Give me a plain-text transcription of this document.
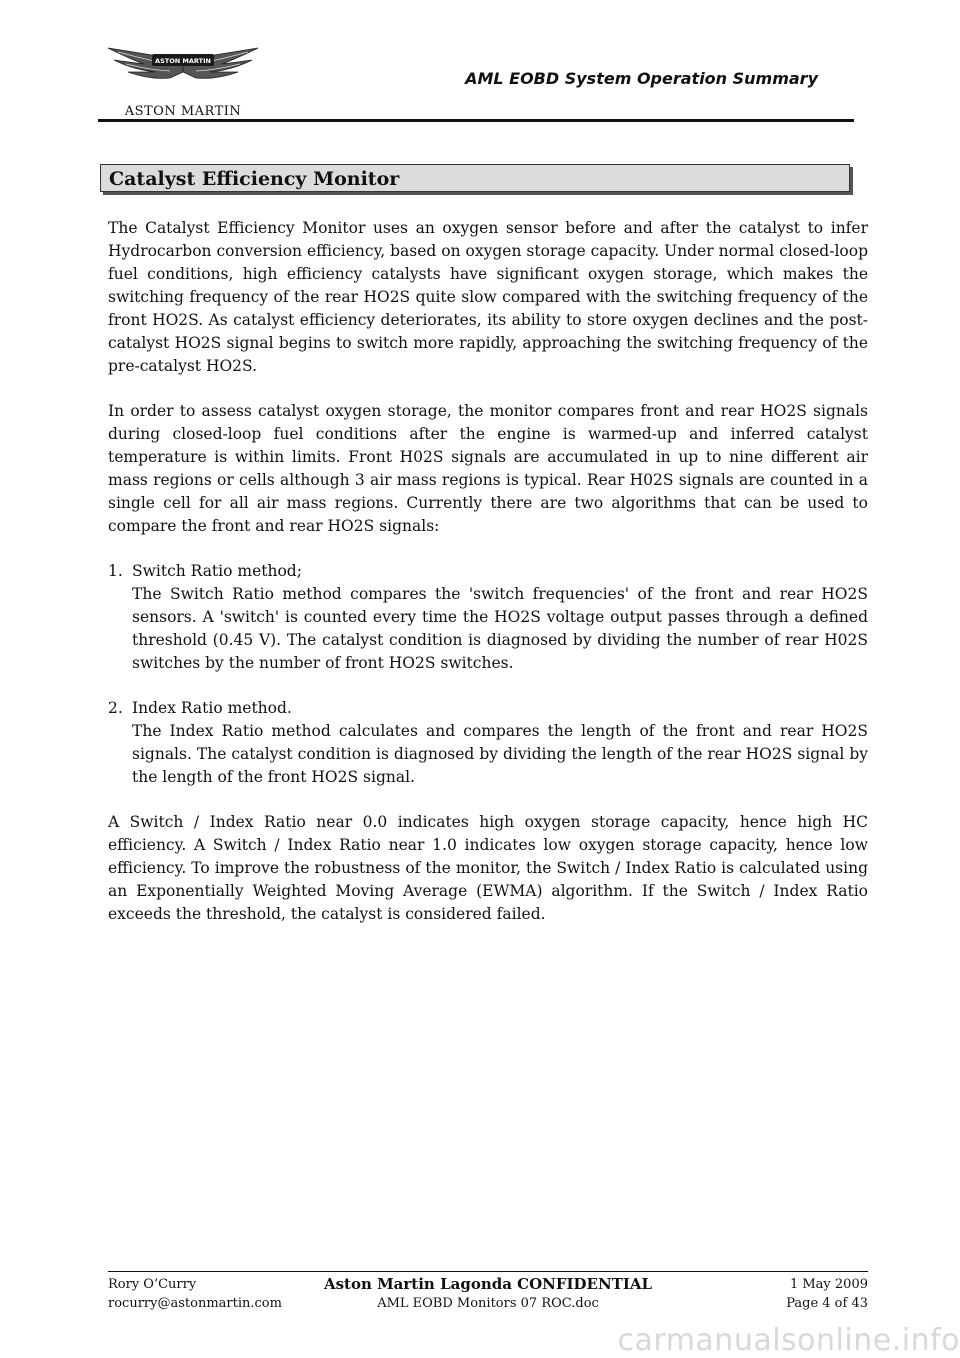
ASTON MARTIN
ASTON MARTIN
AML EOBD System Operation Summary
Catalyst Efficiency Monitor

The Catalyst Efficiency Monitor uses an oxygen sensor before and after the catalyst to infer Hydrocarbon conversion efficiency, based on oxygen storage capacity. Under normal closed-loop fuel conditions, high efficiency catalysts have significant oxygen storage, which makes the switching frequency of the rear HO2S quite slow compared with the switching frequency of the front HO2S. As catalyst efficiency deteriorates, its ability to store oxygen declines and the post-catalyst HO2S signal begins to switch more rapidly, approaching the switching frequency of the pre-catalyst HO2S.

In order to assess catalyst oxygen storage, the monitor compares front and rear HO2S signals during closed-loop fuel conditions after the engine is warmed-up and inferred catalyst temperature is within limits. Front H02S signals are accumulated in up to nine different air mass regions or cells although 3 air mass regions is typical. Rear H02S signals are counted in a single cell for all air mass regions. Currently there are two algorithms that can be used to compare the front and rear HO2S signals:

1. Switch Ratio method;
The Switch Ratio method compares the 'switch frequencies' of the front and rear HO2S sensors. A 'switch' is counted every time the HO2S voltage output passes through a defined threshold (0.45 V). The catalyst condition is diagnosed by dividing the number of rear H02S switches by the number of front HO2S switches.
2. Index Ratio method.
The Index Ratio method calculates and compares the length of the front and rear HO2S signals. The catalyst condition is diagnosed by dividing the length of the rear HO2S signal by the length of the front HO2S signal.

A Switch / Index Ratio near 0.0 indicates high oxygen storage capacity, hence high HC efficiency. A Switch / Index Ratio near 1.0 indicates low oxygen storage capacity, hence low efficiency. To improve the robustness of the monitor, the Switch / Index Ratio is calculated using an Exponentially Weighted Moving Average (EWMA) algorithm. If the Switch / Index Ratio exceeds the threshold, the catalyst is considered failed.

Rory O’Curry	Aston Martin Lagonda CONFIDENTIAL	1 May 2009
rocurry@astonmartin.com	AML EOBD Monitors 07 ROC.doc	Page 4 of 43
carmanualsonline.info
